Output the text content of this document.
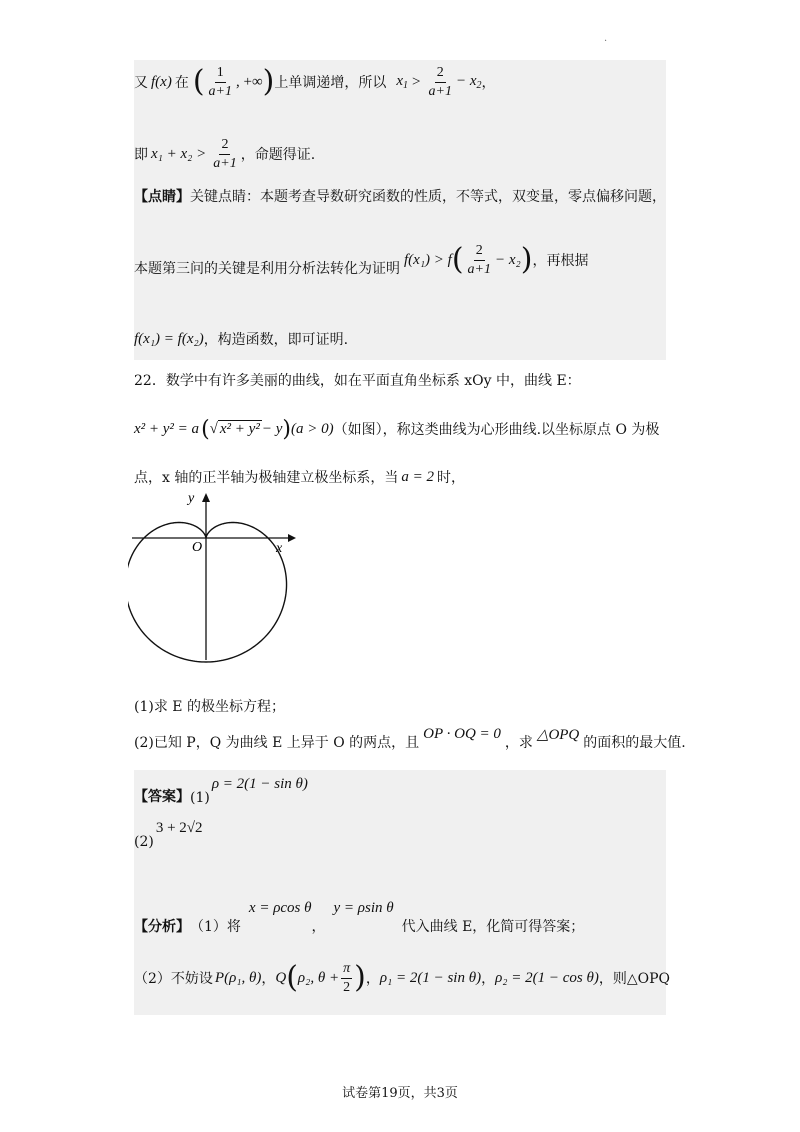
·
又 f(x) 在 ( $\frac{1}{a+1}$ , +∞ ) 上单调递增，所以 $x_1 > \frac{2}{a+1} - x_2$ ，
即 $x_1 + x_2 > \frac{2}{a+1}$ ，命题得证.
【点睛】 关键点睛：本题考查导数研究函数的性质，不等式，双变量，零点偏移问题，
本题第三问的关键是利用分析法转化为证明
f(x₁) > f ( $\frac{2}{a+1} - x_2$ ) ，再根据
f(x₁) = f(x₂) ，构造函数，即可证明.
22．数学中有许多美丽的曲线，如在平面直角坐标系 xOy 中，曲线 E：
x² + y² = a ( √ x² + y² − y ) (a > 0) （如图），称这类曲线为心形曲线.以坐标原点 O 为极
点，x 轴的正半轴为极轴建立极坐标系，当 a = 2 时，
y
x
O
(1)求 E 的极坐标方程；
(2)已知 P，Q 为曲线 E 上异于 O 的两点，且
OP · OQ = 0
，求
△OPQ
的面积的最大值.
【答案】 (1)
ρ = 2(1 − sin θ)
(2)
3 + 2√2
【分析】 （1）将
x = ρcos θ
，
y = ρsin θ
代入曲线 E，化简可得答案；
（2）不妨设 P(ρ₁, θ) ， Q ( ρ₂, $\theta + \frac{\pi}{2}$ ) ， ρ₁ = 2(1 − sin θ) ， ρ₂ = 2(1 − cos θ) ，则△OPQ
试卷第19页，共3页
